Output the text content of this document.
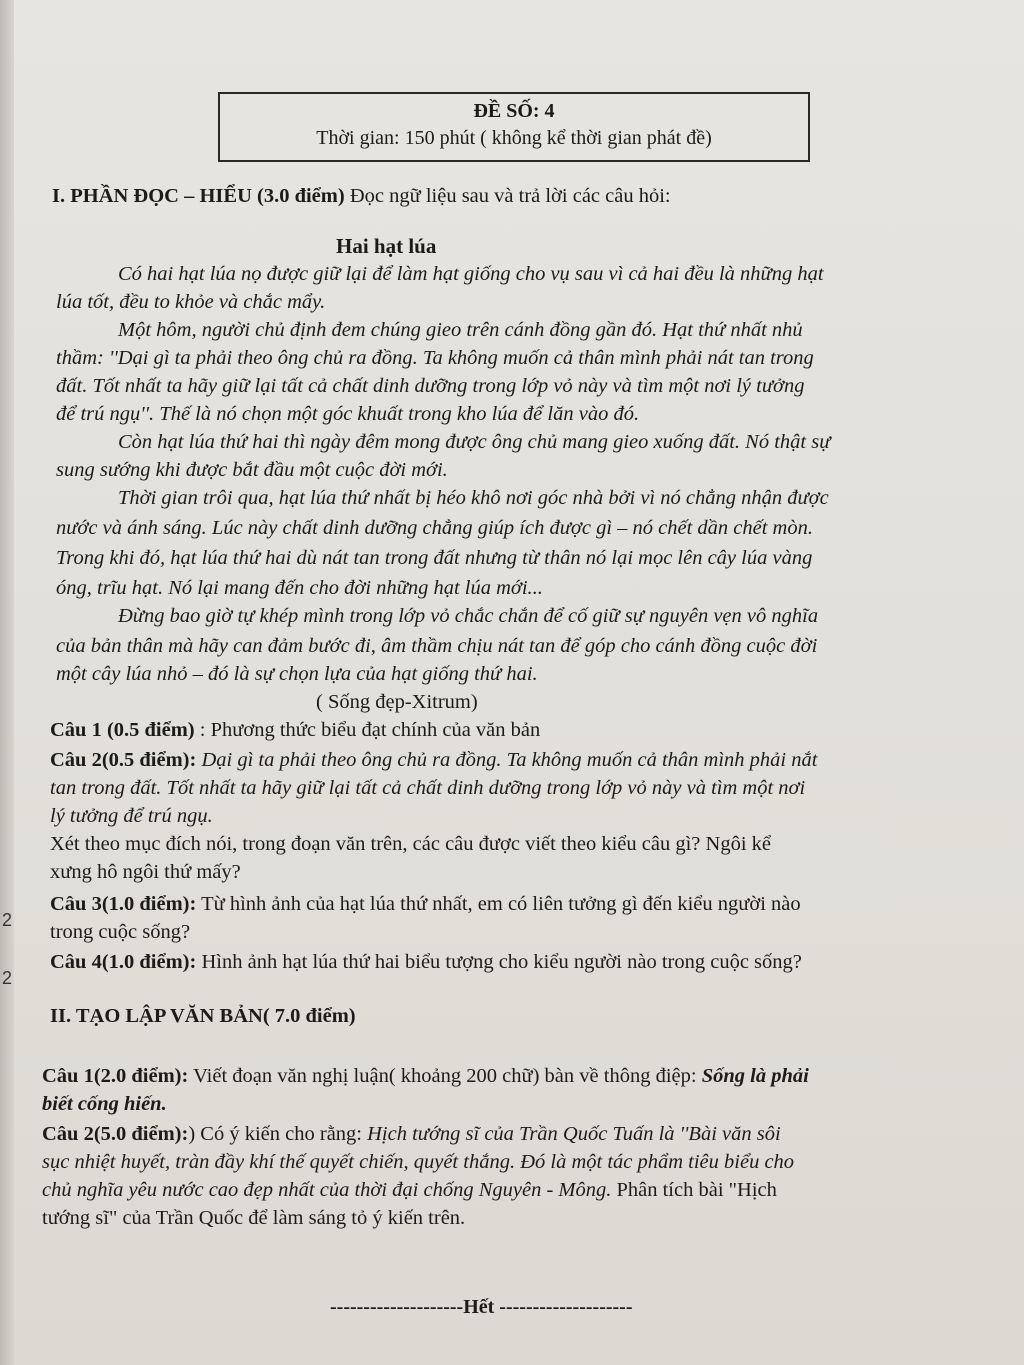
2
2
ĐỀ SỐ: 4
Thời gian: 150 phút ( không kể thời gian phát đề)
I. PHẦN ĐỌC – HIỂU (3.0 điểm) Đọc ngữ liệu sau và trả lời các câu hỏi:
Hai hạt lúa
Có hai hạt lúa nọ được giữ lại để làm hạt giống cho vụ sau vì cả hai đều là những hạt
lúa tốt, đều to khỏe và chắc mẩy.
Một hôm, người chủ định đem chúng gieo trên cánh đồng gần đó. Hạt thứ nhất nhủ
thầm: ''Dại gì ta phải theo ông chủ ra đồng. Ta không muốn cả thân mình phải nát tan trong
đất. Tốt nhất ta hãy giữ lại tất cả chất dinh dưỡng trong lớp vỏ này và tìm một nơi lý tưởng
để trú ngụ''. Thế là nó chọn một góc khuất trong kho lúa để lăn vào đó.
Còn hạt lúa thứ hai thì ngày đêm mong được ông chủ mang gieo xuống đất. Nó thật sự
sung sướng khi được bắt đầu một cuộc đời mới.
Thời gian trôi qua, hạt lúa thứ nhất bị héo khô nơi góc nhà bởi vì nó chẳng nhận được
nước và ánh sáng. Lúc này chất dinh dưỡng chẳng giúp ích được gì – nó chết dần chết mòn.
Trong khi đó, hạt lúa thứ hai dù nát tan trong đất nhưng từ thân nó lại mọc lên cây lúa vàng
óng, trĩu hạt. Nó lại mang đến cho đời những hạt lúa mới...
Đừng bao giờ tự khép mình trong lớp vỏ chắc chắn để cố giữ sự nguyên vẹn vô nghĩa
của bản thân mà hãy can đảm bước đi, âm thầm chịu nát tan để góp cho cánh đồng cuộc đời
một cây lúa nhỏ – đó là sự chọn lựa của hạt giống thứ hai.
( Sống đẹp-Xitrum)
Câu 1 (0.5 điểm) : Phương thức biểu đạt chính của văn bản
Câu 2(0.5 điểm): Dại gì ta phải theo ông chủ ra đồng. Ta không muốn cả thân mình phải nắt
tan trong đất. Tốt nhất ta hãy giữ lại tất cả chất dinh dưỡng trong lớp vỏ này và tìm một nơi
lý tưởng để trú ngụ.
Xét theo mục đích nói, trong đoạn văn trên, các câu được viết theo kiểu câu gì? Ngôi kể
xưng hô ngôi thứ mấy?
Câu 3(1.0 điểm): Từ hình ảnh của hạt lúa thứ nhất, em có liên tưởng gì đến kiểu người nào
trong cuộc sống?
Câu 4(1.0 điểm): Hình ảnh hạt lúa thứ hai biểu tượng cho kiểu người nào trong cuộc sống?
II. TẠO LẬP VĂN BẢN( 7.0 điểm)
Câu 1(2.0 điểm): Viết đoạn văn nghị luận( khoảng 200 chữ) bàn về thông điệp: Sống là phải
biết cống hiến.
Câu 2(5.0 điểm):) Có ý kiến cho rằng: Hịch tướng sĩ của Trần Quốc Tuấn là ''Bài văn sôi
sục nhiệt huyết, tràn đầy khí thế quyết chiến, quyết thắng. Đó là một tác phẩm tiêu biểu cho
chủ nghĩa yêu nước cao đẹp nhất của thời đại chống Nguyên - Mông. Phân tích bài "Hịch
tướng sĩ" của Trần Quốc để làm sáng tỏ ý kiến trên.
--------------------Hết --------------------
